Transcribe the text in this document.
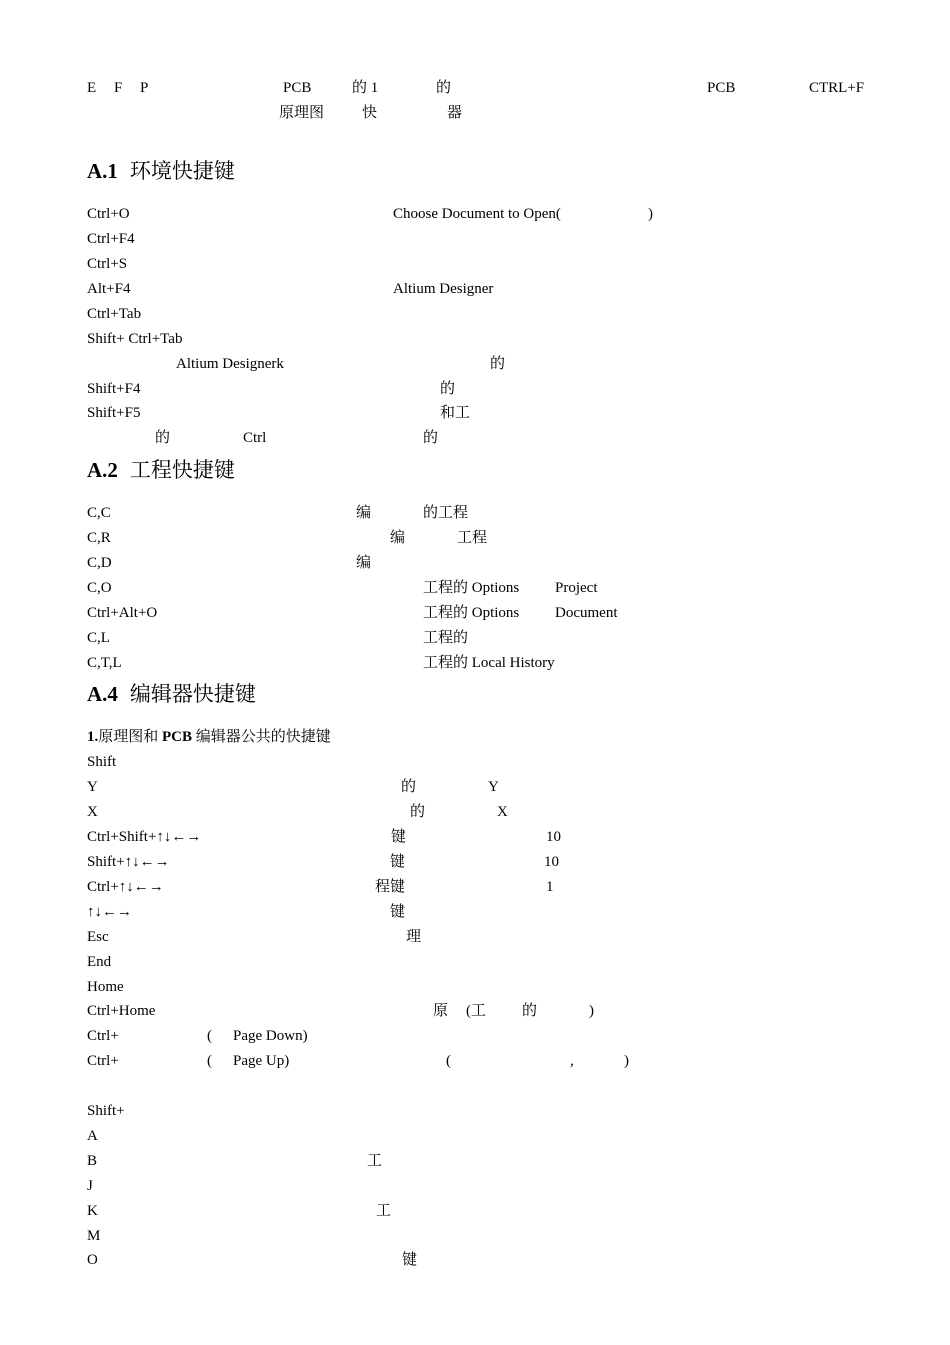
E F P	PCB	的 1	的	PCB	CTRL+F
原理图	快	器
A.1 环境快捷键
Ctrl+O	Choose Document to Open(	)
Ctrl+F4
Ctrl+S
Alt+F4	Altium Designer
Ctrl+Tab
Shift+ Ctrl+Tab
Altium Designerk	的
Shift+F4	的
Shift+F5	和工
的	Ctrl	的
A.2 工程快捷键
C,C	编	的工程
C,R	编	工程
C,D	编
C,O	工程的 Options Project
Ctrl+Alt+O	工程的 Options Document
C,L	工程的
C,T,L	工程的 Local History
A.4 编辑器快捷键
1.原理图和 PCB 编辑器公共的快捷键
Shift
Y	的	Y
X	的	X
Ctrl+Shift+↑↓←→	键	10
Shift+↑↓←→	键	10
Ctrl+↑↓←→	程键	1
↑↓←→	键
Esc	理
End
Home
Ctrl+Home	原 (工 的	)
Ctrl+	( Page Down)
Ctrl+	( Page Up)	(	,	)
Shift+
A
B	工
J
K	工
M
O	键
